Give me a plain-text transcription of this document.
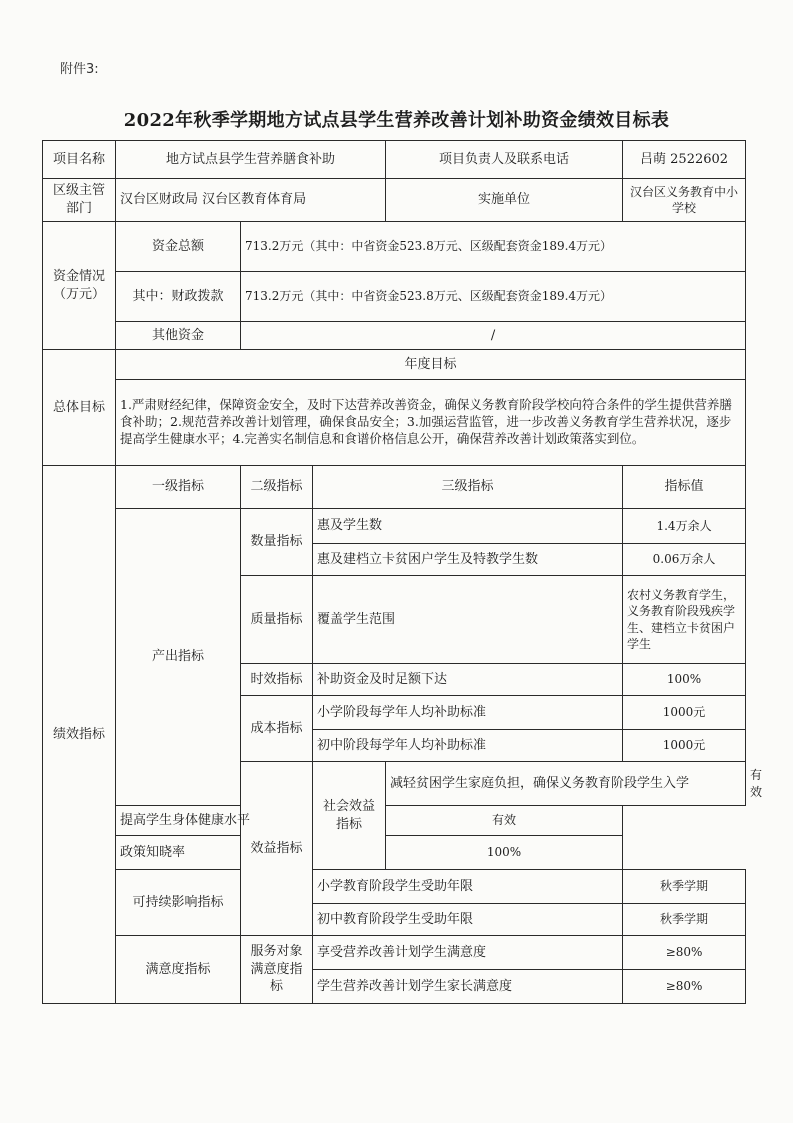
附件3:
2022年秋季学期地方试点县学生营养改善计划补助资金绩效目标表
项目名称	地方试点县学生营养膳食补助			项目负责人及联系电话	吕萌 2522602	
区级主管部门	汉台区财政局 汉台区教育体育局			实施单位	汉台区义务教育中小学校	
资金情况（万元）	资金总额	713.2万元（其中：中省资金523.8万元、区级配套资金189.4万元）				
	其中：财政拨款	713.2万元（其中：中省资金523.8万元、区级配套资金189.4万元）				
	其他资金	/				
总体目标	年度目标					
	1.严肃财经纪律，保障资金安全，及时下达营养改善资金，确保义务教育阶段学校向符合条件的学生提供营养膳食补助；2.规范营养改善计划管理，确保食品安全；3.加强运营监管，进一步改善义务教育学生营养状况，逐步提高学生健康水平；4.完善实名制信息和食谱价格信息公开，确保营养改善计划政策落实到位。					
绩效指标	一级指标	二级指标	三级指标		指标值	
	产出指标	数量指标	惠及学生数		1.4万余人	
			惠及建档立卡贫困户学生及特教学生数		0.06万余人	
		质量指标	覆盖学生范围		农村义务教育学生，义务教育阶段残疾学生、建档立卡贫困户学生	
		时效指标	补助资金及时足额下达		100%	
		成本指标	小学阶段每学年人均补助标准		1000元	
			初中阶段每学年人均补助标准		1000元	
		效益指标	社会效益指标	减轻贫困学生家庭负担，确保义务教育阶段学生入学		有效
	提高学生身体健康水平			有效		
	政策知晓率			100%		
	可持续影响指标		小学教育阶段学生受助年限		秋季学期	
			初中教育阶段学生受助年限		秋季学期	
	满意度指标	服务对象满意度指标	享受营养改善计划学生满意度		≥80%	
			学生营养改善计划学生家长满意度		≥80%	
